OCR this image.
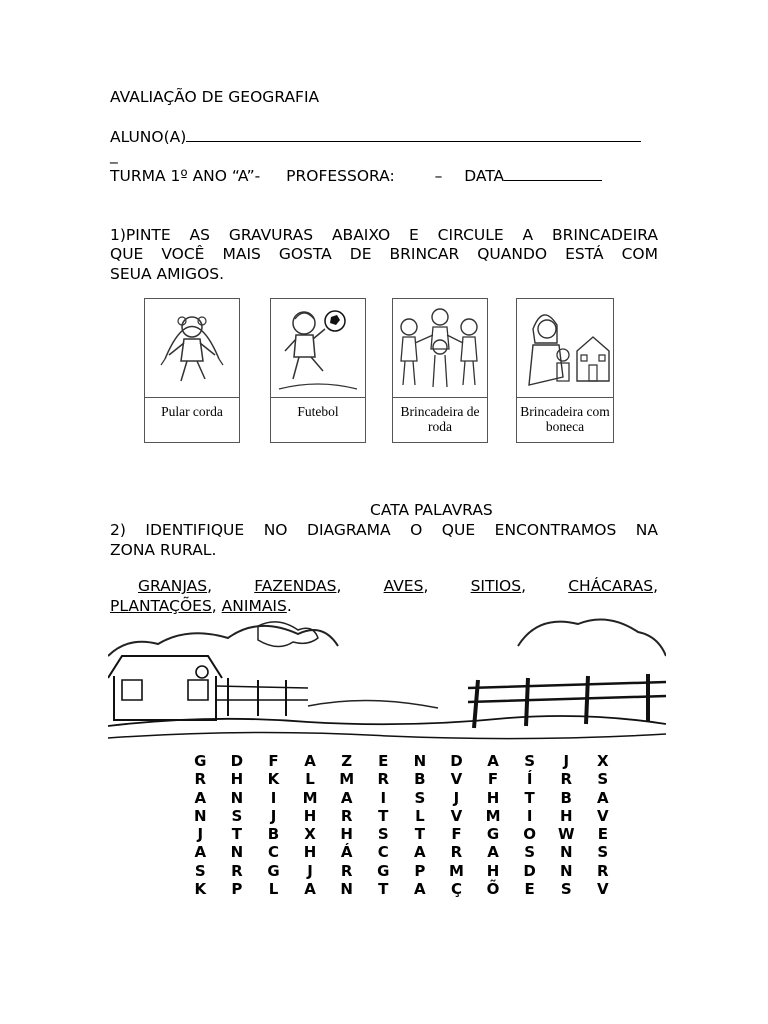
AVALIAÇÃO DE GEOGRAFIA
ALUNO(A)
_
TURMA 1º ANO “A”- PROFESSORA:	– DATA
1)PINTE AS GRAVURAS ABAIXO E CIRCULE A BRINCADEIRA
QUE VOCÊ MAIS GOSTA DE BRINCAR QUANDO ESTÁ COM
SEUA AMIGOS.
Pular corda	Futebol	Brincadeira de roda
Brincadeira com boneca
CATA PALAVRAS
2) IDENTIFIQUE NO DIAGRAMA O QUE ENCONTRAMOS NA
ZONA RURAL.
GRANJAS,	FAZENDAS,	AVES,	SITIOS,	CHÁCARAS,
PLANTAÇÕES, ANIMAIS.
G	D	F	A	Z	E	N	D	A	S	J	X
R	H	K	L	M	R	B	V	F	Í	R	S
A	N	I	M	A	I	S	J	H	T	B	A
N	S	J	H	R	T	L	V	M	I	H	V
J	T	B	X	H	S	T	F	G	O	W	E
A	N	C	H	Á	C	A	R	A	S	N	S
S	R	G	J	R	G	P	M	H	D	N	R
K	P	L	A	N	T	A	Ç	Õ	E	S	V
